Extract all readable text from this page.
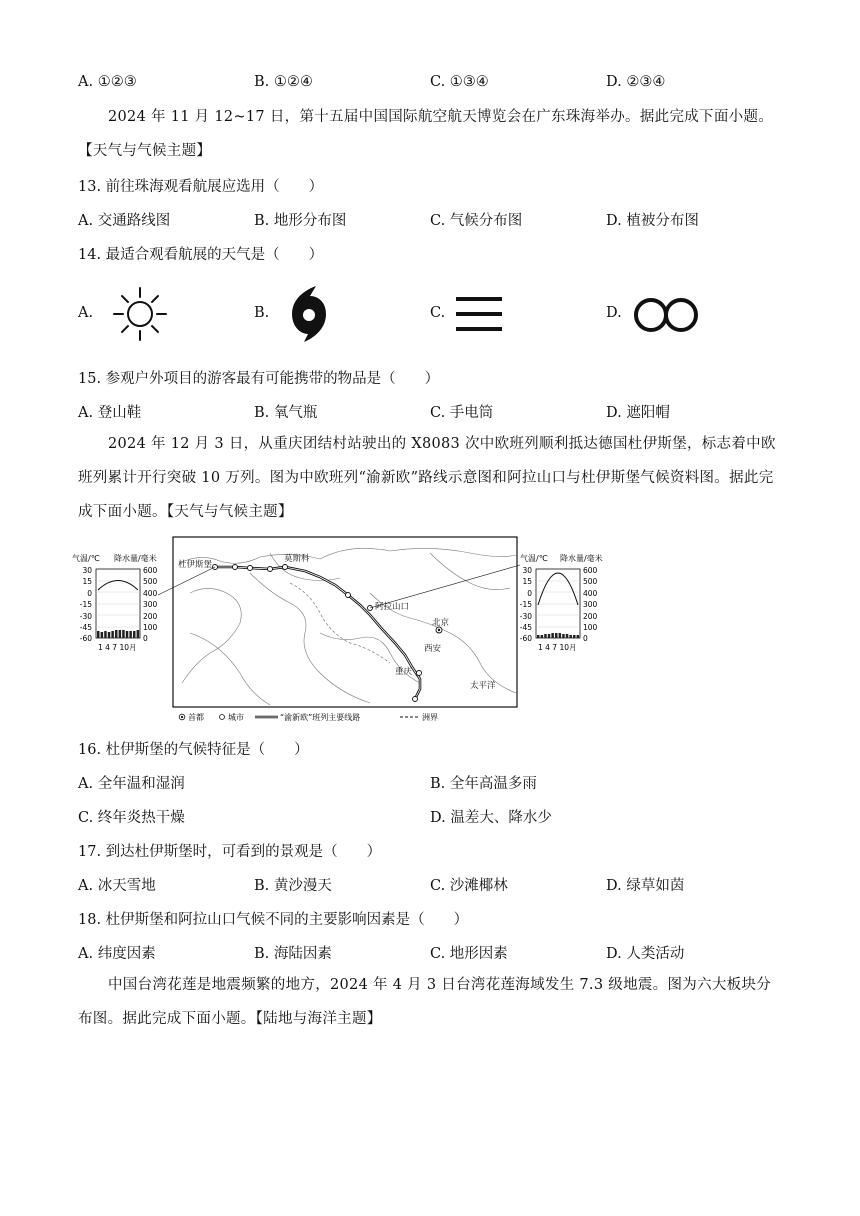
A. ①②③	B. ①②④	C. ①③④	D. ②③④
2024 年 11 月 12~17 日，第十五届中国国际航空航天博览会在广东珠海举办。据此完成下面小题。【天气与气候主题】
13. 前往珠海观看航展应选用（　　）
A. 交通路线图	B. 地形分布图	C. 气候分布图	D. 植被分布图
14. 最适合观看航展的天气是（　　）
A.	B.	C.	D.
15. 参观户外项目的游客最有可能携带的物品是（　　）
A. 登山鞋	B. 氧气瓶	C. 手电筒	D. 遮阳帽
2024 年 12 月 3 日，从重庆团结村站驶出的 X8083 次中欧班列顺利抵达德国杜伊斯堡，标志着中欧班列累计开行突破 10 万列。图为中欧班列“渝新欧”路线示意图和阿拉山口与杜伊斯堡气候资料图。据此完成下面小题。【天气与气候主题】
气温/℃ 降水量/毫米
30
15
0
-15
-30
-45
-60
600
500
400
300
200
100
0
1 4 7 10月
杜伊斯堡
莫斯科
阿拉山口
北京
西安
重庆
太平洋
首都	城市	“渝新欧”班列主要线路	洲界
气温/℃ 降水量/毫米
30
15
0
-15
-30
-45
-60
600
500
400
300
200
100
0
1 4 7 10月
16. 杜伊斯堡的气候特征是（　　）
A. 全年温和湿润	B. 全年高温多雨
C. 终年炎热干燥	D. 温差大、降水少
17. 到达杜伊斯堡时，可看到的景观是（　　）
A. 冰天雪地	B. 黄沙漫天	C. 沙滩椰林	D. 绿草如茵
18. 杜伊斯堡和阿拉山口气候不同的主要影响因素是（　　）
A. 纬度因素	B. 海陆因素	C. 地形因素	D. 人类活动
中国台湾花莲是地震频繁的地方，2024 年 4 月 3 日台湾花莲海域发生 7.3 级地震。图为六大板块分布图。据此完成下面小题。【陆地与海洋主题】
